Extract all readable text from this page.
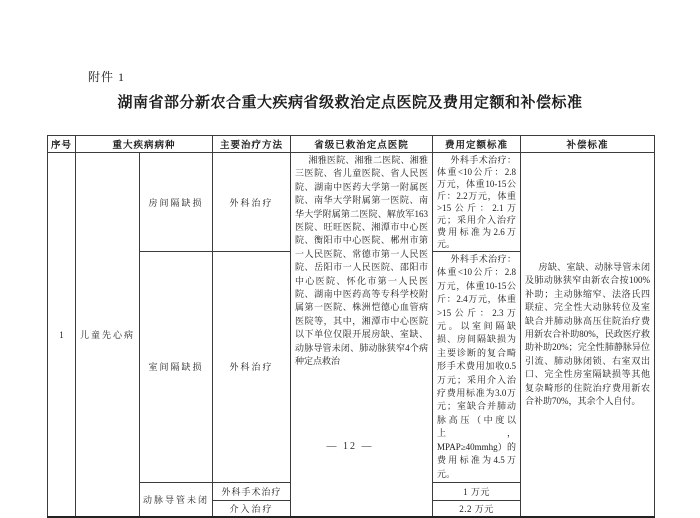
附件 1
湖南省部分新农合重大疾病省级救治定点医院及费用定额和补偿标准
序号	重大疾病病种		主要治疗方法	省级已救治定点医院	费用定额标准	补偿标准
1	儿童先心病	房间隔缺损	外科治疗	湘雅医院、湘雅二医院、湘雅三医院、省儿童医院、省人民医院、湖南中医药大学第一附属医院、南华大学附属第一医院、南华大学附属第二医院、解放军163医院、旺旺医院、湘潭市中心医院、衡阳市中心医院、郴州市第一人民医院、常德市第一人民医院、岳阳市一人民医院、邵阳市中心医院、怀化市第一人民医院、湖南中医药高等专科学校附属第一医院、株洲恺德心血管病医院等，其中，湘潭市中心医院以下单位仅限开展房缺、室缺、动脉导管未闭、肺动脉狭窄4个病种定点救治	外科手术治疗：体重<10公斤：2.8万元，体重10-15公斤：2.2万元，体重>15公斤：2.1万元；采用介入治疗费用标准为2.6万元。	房缺、室缺、动脉导管未闭及肺动脉狭窄由新农合按100%补助；主动脉缩窄、法洛氏四联症、完全性大动脉转位及室缺合并肺动脉高压住院治疗费用新农合补助80%，民政医疗救助补助20%；完全性肺静脉异位引流、肺动脉闭锁、右室双出口、完全性房室隔缺损等其他复杂畸形的住院治疗费用新农合补助70%，其余个人自付。

		室间隔缺损	外科治疗		外科手术治疗：体重<10公斤：2.8万元，体重10-15公斤：2.4万元，体重>15公斤：2.3万元。以室间隔缺损、房间隔缺损为主要诊断的复合畸形手术费用加收0.5万元；采用介入治疗费用标准为3.0万元；室缺合并肺动脉高压（中度以上，MPAP≥40mmhg）的费用标准为4.5万元。	

		动脉导管未闭	外科手术治疗		1 万元	
			介入治疗		2.2 万元	
— 12 —
